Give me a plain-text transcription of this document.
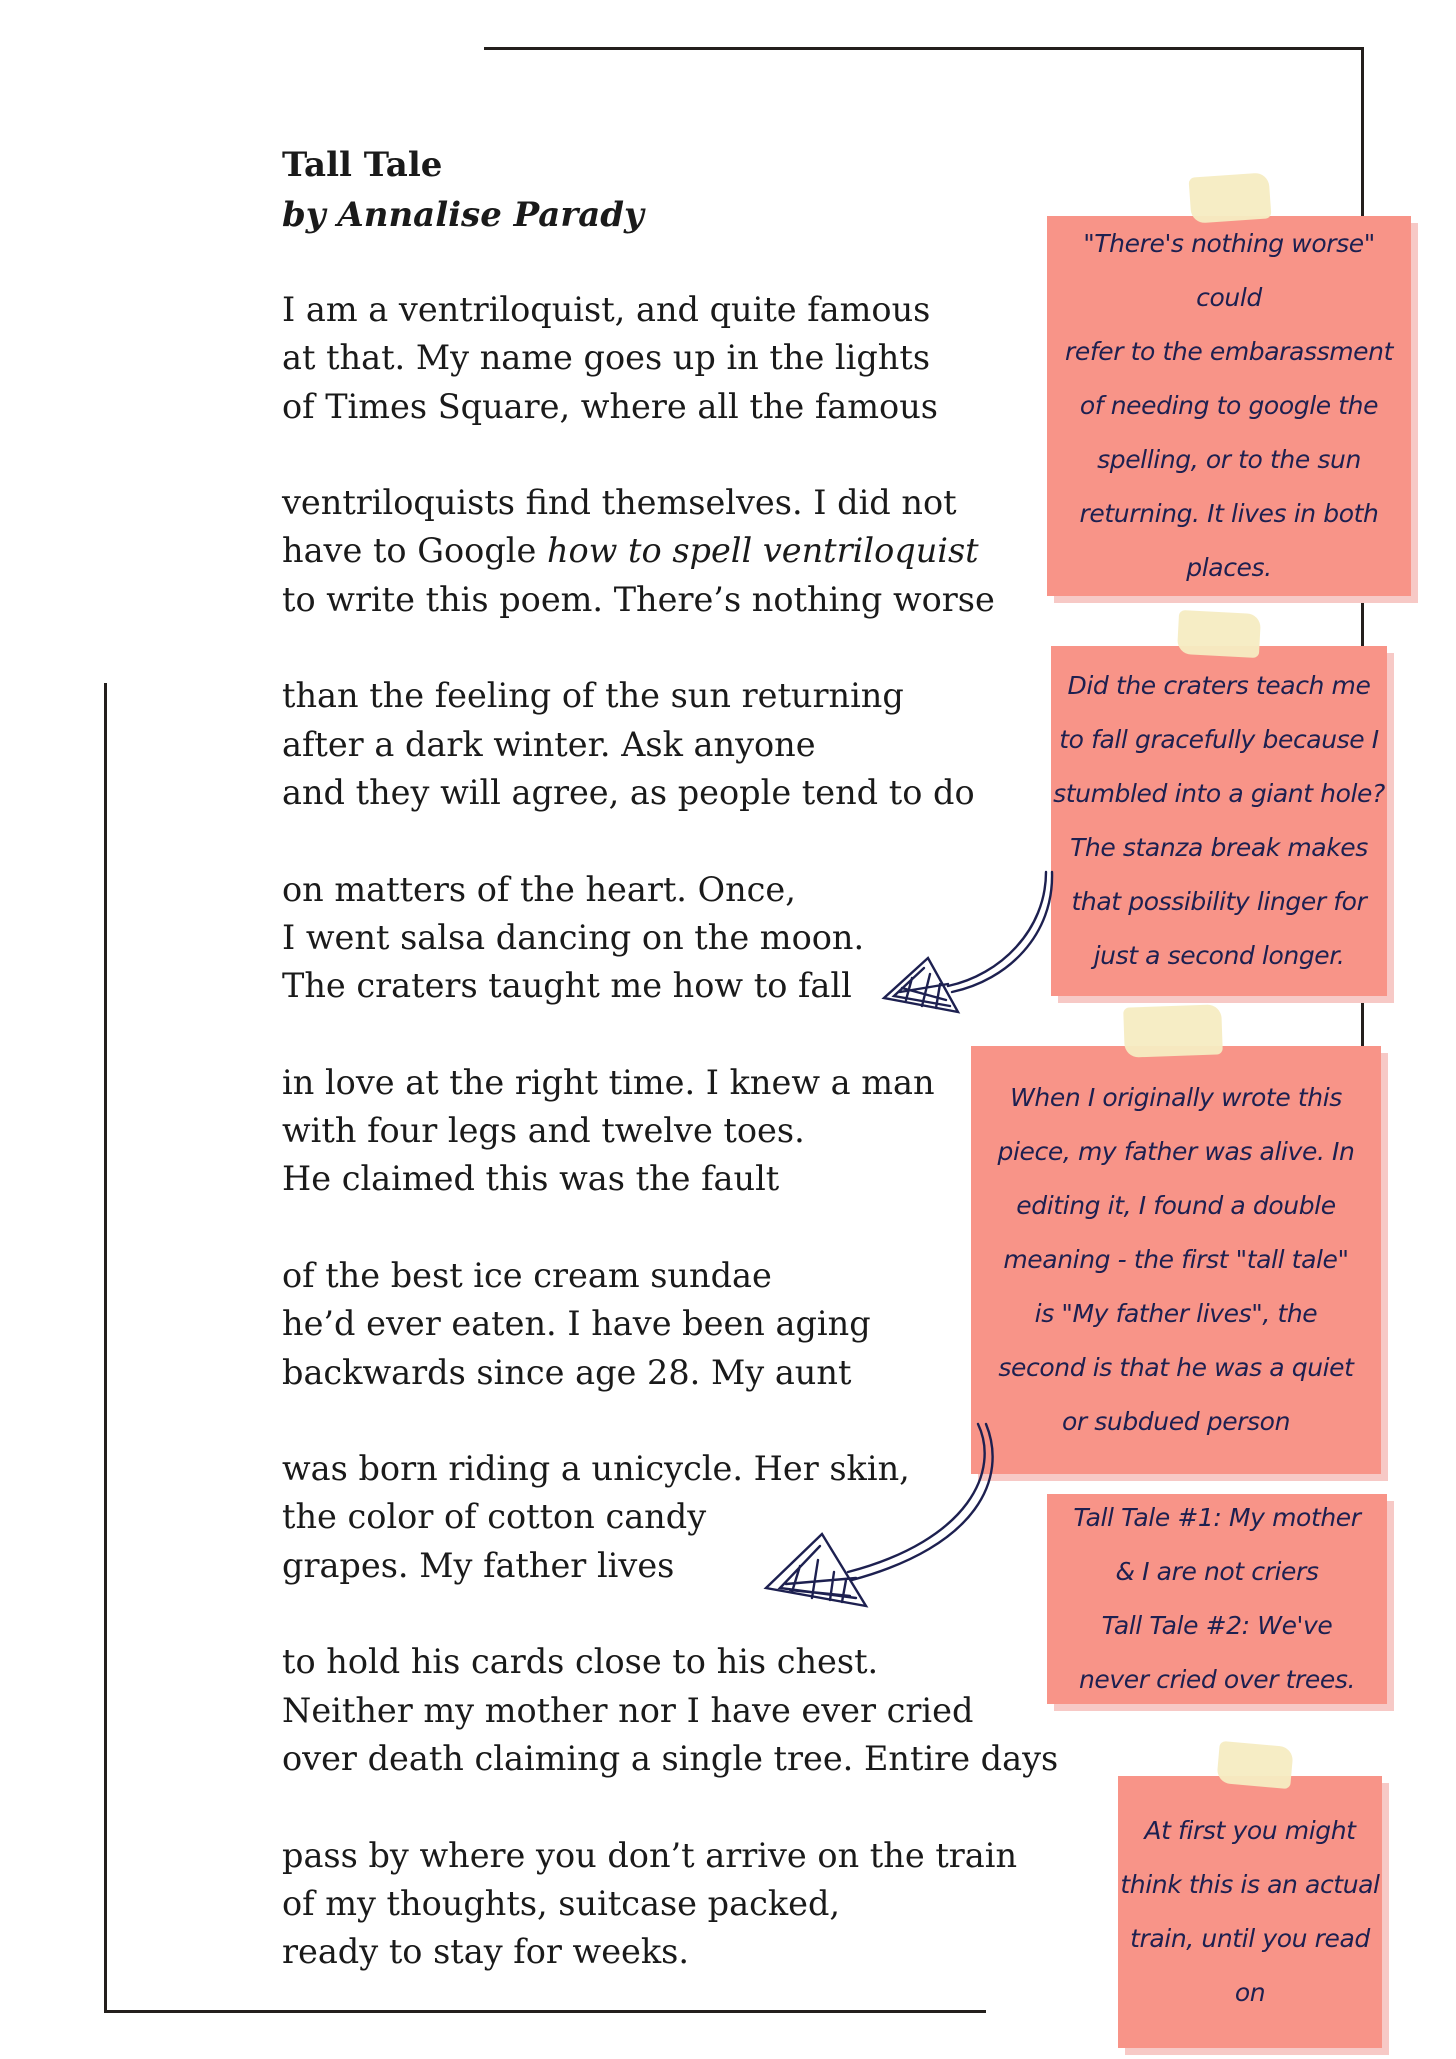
Tall Tale

by Annalise Parady

I am a ventriloquist, and quite famous
at that. My name goes up in the lights
of Times Square, where all the famous
ventriloquists find themselves. I did not
have to Google how to spell ventriloquist
to write this poem. There’s nothing worse
than the feeling of the sun returning
after a dark winter. Ask anyone
and they will agree, as people tend to do
on matters of the heart. Once,
I went salsa dancing on the moon.
The craters taught me how to fall
in love at the right time. I knew a man
with four legs and twelve toes.
He claimed this was the fault
of the best ice cream sundae
he’d ever eaten. I have been aging
backwards since age 28. My aunt
was born riding a unicycle. Her skin,
the color of cotton candy
grapes. My father lives
to hold his cards close to his chest.
Neither my mother nor I have ever cried
over death claiming a single tree. Entire days
pass by where you don’t arrive on the train
of my thoughts, suitcase packed,
ready to stay for weeks.
"There's nothing worse" could
refer to the embarassment
of needing to google the
spelling, or to the sun
returning. It lives in both
places.
Did the craters teach me
to fall gracefully because I
stumbled into a giant hole?
The stanza break makes
that possibility linger for
just a second longer.
When I originally wrote this
piece, my father was alive. In
editing it, I found a double
meaning - the first "tall tale"
is "My father lives", the
second is that he was a quiet
or subdued person
Tall Tale #1: My mother
& I are not criers
Tall Tale #2: We've
never cried over trees.
At first you might
think this is an actual
train, until you read
on
